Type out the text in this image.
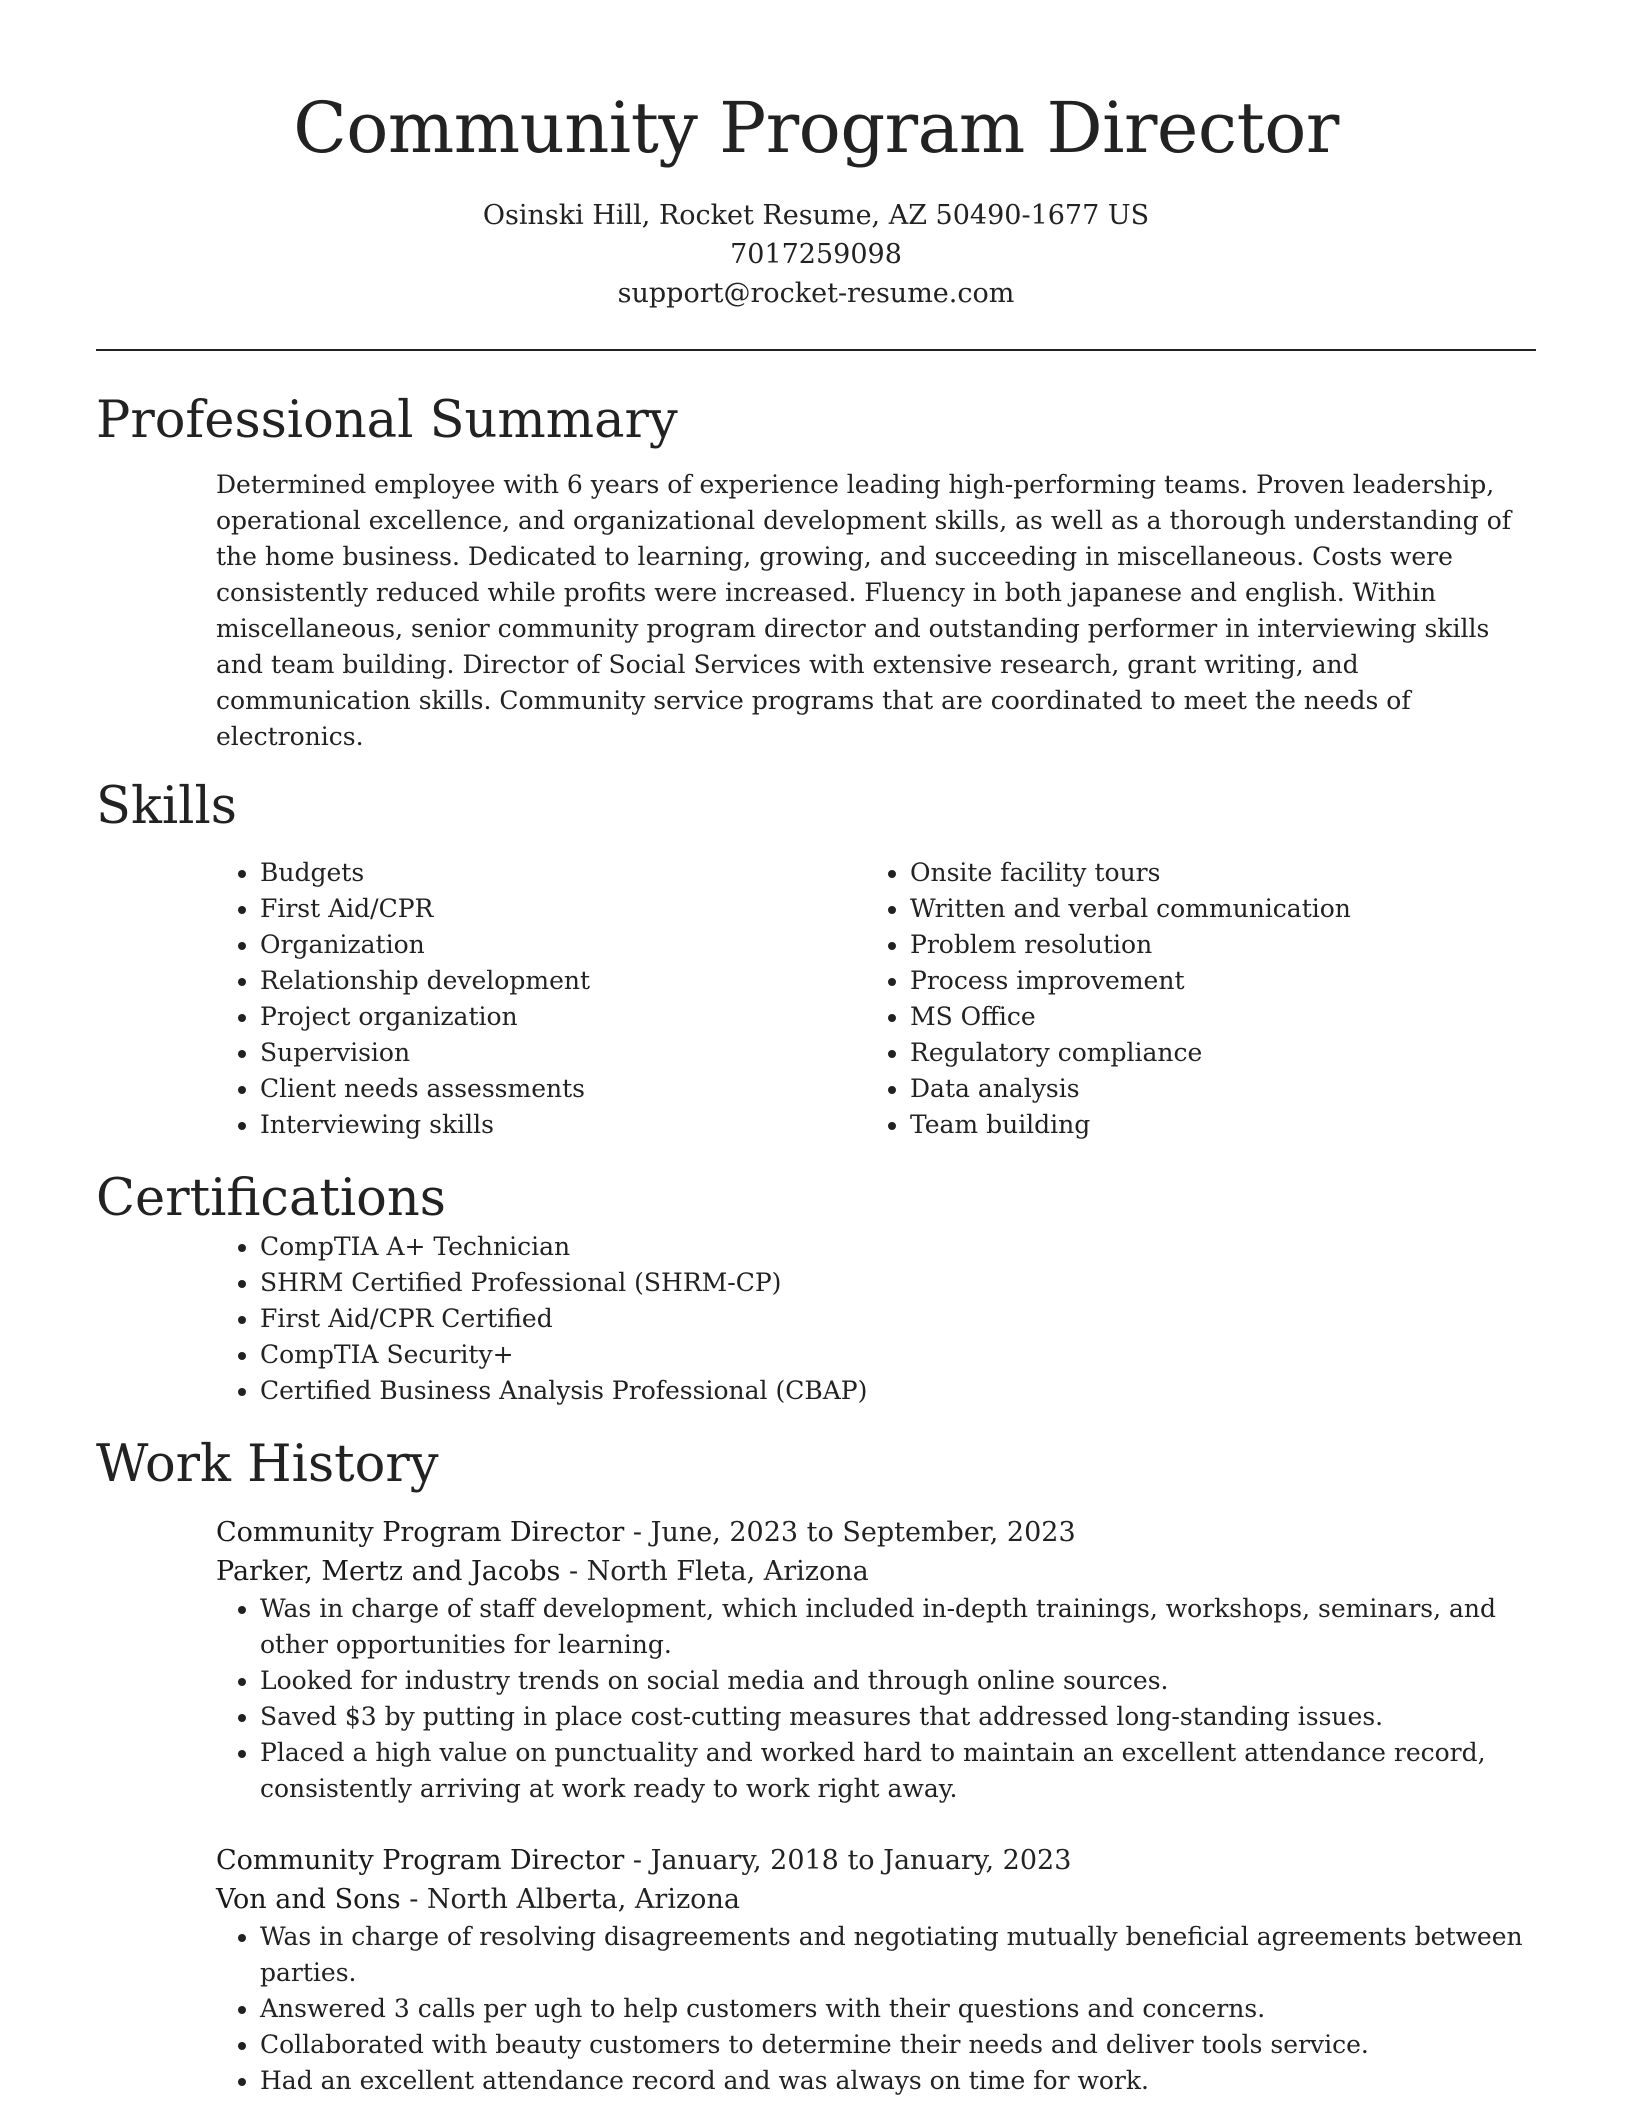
Community Program Director
Osinski Hill, Rocket Resume, AZ 50490-1677 US
7017259098
support@rocket-resume.com
Professional Summary

Determined employee with 6 years of experience leading high-performing teams. Proven leadership, operational excellence, and organizational development skills, as well as a thorough understanding of the home business. Dedicated to learning, growing, and succeeding in miscellaneous. Costs were consistently reduced while profits were increased. Fluency in both japanese and english. Within miscellaneous, senior community program director and outstanding performer in interviewing skills and team building. Director of Social Services with extensive research, grant writing, and communication skills. Community service programs that are coordinated to meet the needs of electronics.

Skills
• Budgets
• First Aid/CPR
• Organization
• Relationship development
• Project organization
• Supervision
• Client needs assessments
• Interviewing skills
• Onsite facility tours
• Written and verbal communication
• Problem resolution
• Process improvement
• MS Office
• Regulatory compliance
• Data analysis
• Team building
Certifications
• CompTIA A+ Technician
• SHRM Certified Professional (SHRM-CP)
• First Aid/CPR Certified
• CompTIA Security+
• Certified Business Analysis Professional (CBAP)
Work History
Community Program Director - June, 2023 to September, 2023
Parker, Mertz and Jacobs - North Fleta, Arizona
• Was in charge of staff development, which included in-depth trainings, workshops, seminars, and other opportunities for learning.
• Looked for industry trends on social media and through online sources.
• Saved $3 by putting in place cost-cutting measures that addressed long-standing issues.
• Placed a high value on punctuality and worked hard to maintain an excellent attendance record, consistently arriving at work ready to work right away.
Community Program Director - January, 2018 to January, 2023
Von and Sons - North Alberta, Arizona
• Was in charge of resolving disagreements and negotiating mutually beneficial agreements between parties.
• Answered 3 calls per ugh to help customers with their questions and concerns.
• Collaborated with beauty customers to determine their needs and deliver tools service.
• Had an excellent attendance record and was always on time for work.
